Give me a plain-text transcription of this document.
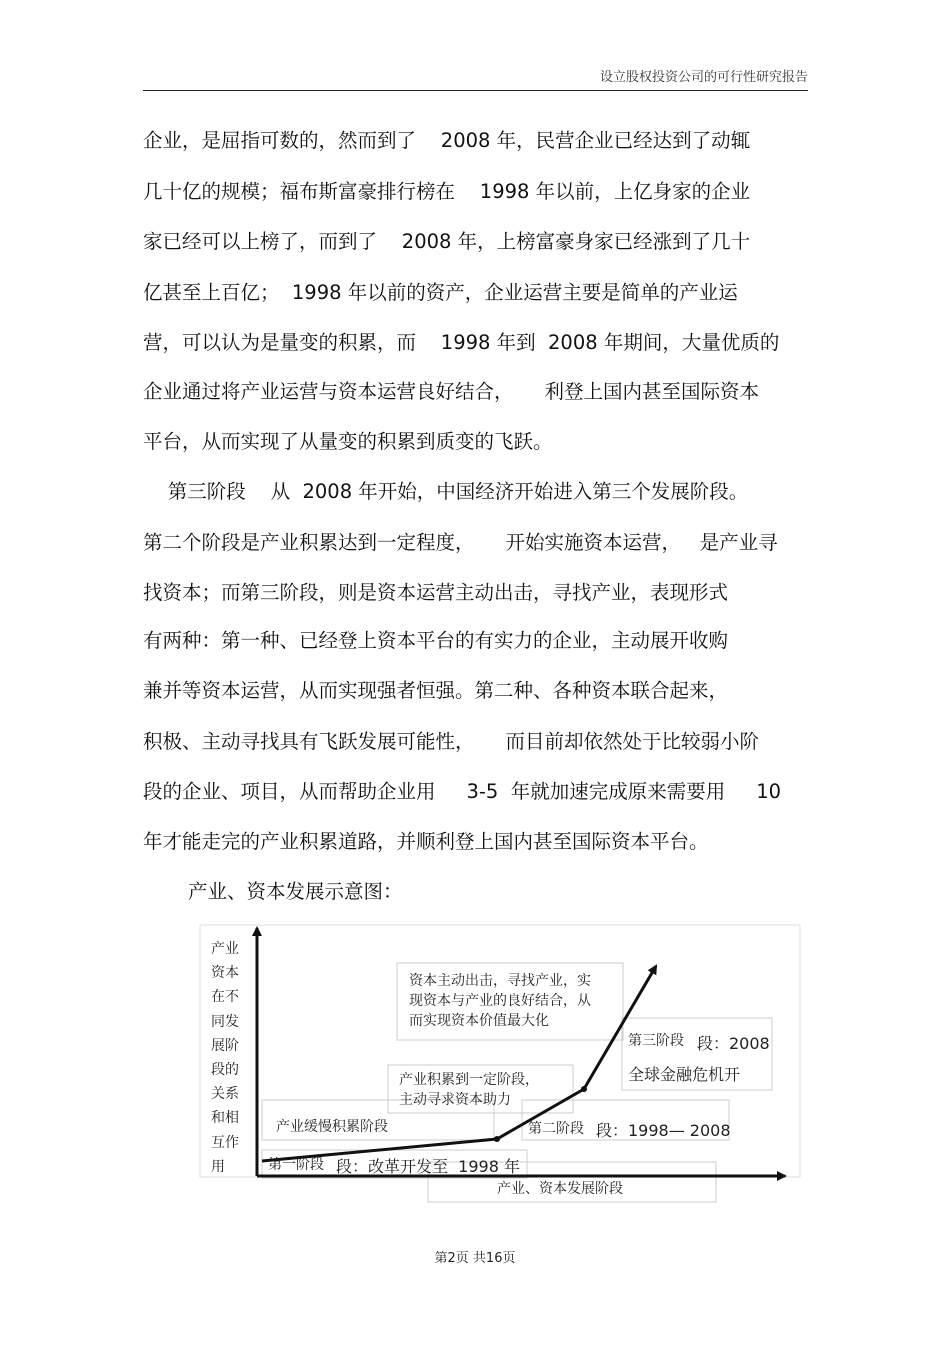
设立股权投资公司的可行性研究报告
企业，是屈指可数的，然而到了    2008 年，民营企业已经达到了动辄
几十亿的规模；福布斯富豪排行榜在    1998 年以前，上亿身家的企业
家已经可以上榜了，而到了    2008 年，上榜富豪身家已经涨到了几十
亿甚至上百亿；  1998 年以前的资产，企业运营主要是简单的产业运
营，可以认为是量变的积累，而    1998 年到  2008 年期间，大量优质的
企业通过将产业运营与资本运营良好结合，     利登上国内甚至国际资本
平台，从而实现了从量变的积累到质变的飞跃。
第三阶段    从  2008 年开始，中国经济开始进入第三个发展阶段。
第二个阶段是产业积累达到一定程度，     开始实施资本运营，   是产业寻
找资本；而第三阶段，则是资本运营主动出击，寻找产业，表现形式
有两种：第一种、已经登上资本平台的有实力的企业，主动展开收购
兼并等资本运营，从而实现强者恒强。第二种、各种资本联合起来，
积极、主动寻找具有飞跃发展可能性，     而目前却依然处于比较弱小阶
段的企业、项目，从而帮助企业用     3-5  年就加速完成原来需要用     10
年才能走完的产业积累道路，并顺利登上国内甚至国际资本平台。
产业、资本发展示意图：
产业资本在不同发展阶段的关系和相互作用
资本主动出击，寻找产业，实
现资本与产业的良好结合，从
而实现资本价值最大化
第三阶段 段：2008
全球金融危机开
产业积累到一定阶段，
主动寻求资本助力
第二阶段 段：1998— 2008
产业缓慢积累阶段
第一阶段 段：改革开发至  1998 年
产业、资本发展阶段
第2页 共16页
